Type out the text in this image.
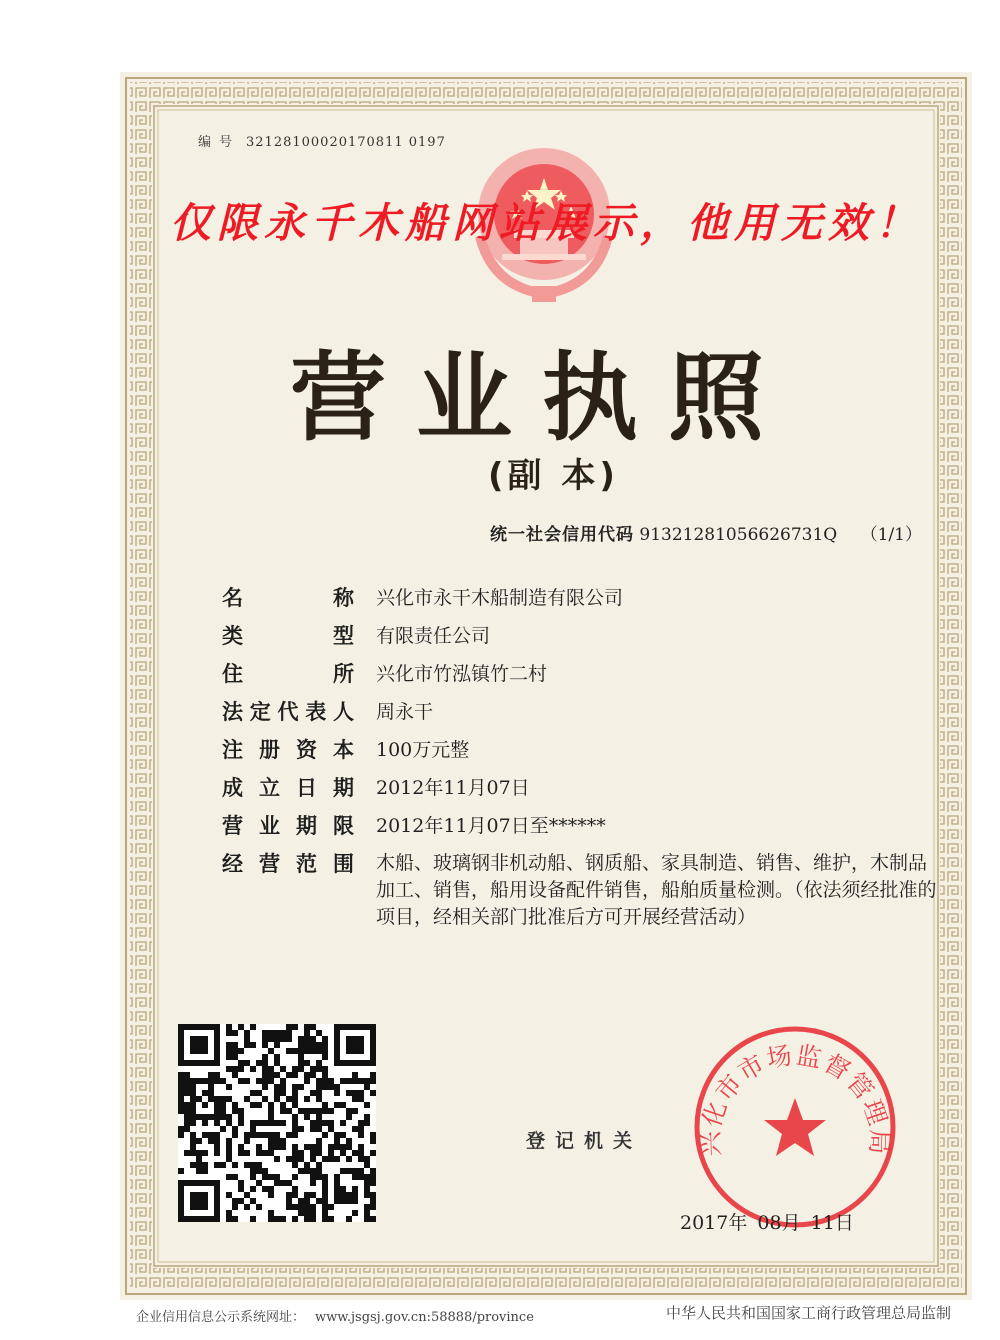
编号 32128100020170811 0197
仅限永千木船网站展示，他用无效！
营业执照
(副 本)
统一社会信用代码 91321281056626731Q （1/1）
名称 兴化市永干木船制造有限公司
类型 有限责任公司
住所 兴化市竹泓镇竹二村
法定代表人 周永干
注册资本 100万元整
成立日期 2012年11月07日
营业期限 2012年11月07日至******
经营范围 木船、玻璃钢非机动船、钢质船、家具制造、销售、维护，木制品加工、销售，船用设备配件销售，船舶质量检测。（依法须经批准的项目，经相关部门批准后方可开展经营活动）
登记机关 兴化市市场监督管理局
2017年 08月 11日
企业信用信息公示系统网址： www.jsgsj.gov.cn:58888/province	中华人民共和国国家工商行政管理总局监制
